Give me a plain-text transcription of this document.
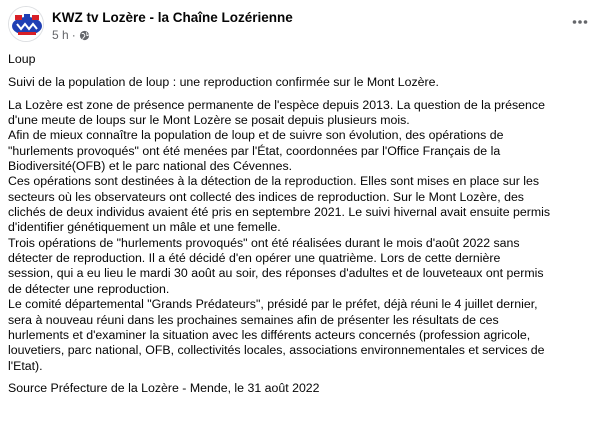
KWZ tv Lozère - la Chaîne Lozérienne
5 h ·

Loup

Suivi de la population de loup : une reproduction confirmée sur le Mont Lozère.

La Lozère est zone de présence permanente de l'espèce depuis 2013. La question de la présence

d'une meute de loups sur le Mont Lozère se posait depuis plusieurs mois.

Afin de mieux connaître la population de loup et de suivre son évolution, des opérations de

"hurlements provoqués" ont été menées par l'État, coordonnées par l'Office Français de la

Biodiversité(OFB) et le parc national des Cévennes.

Ces opérations sont destinées à la détection de la reproduction. Elles sont mises en place sur les

secteurs où les observateurs ont collecté des indices de reproduction. Sur le Mont Lozère, des

clichés de deux individus avaient été pris en septembre 2021. Le suivi hivernal avait ensuite permis

d'identifier génétiquement un mâle et une femelle.

Trois opérations de "hurlements provoqués" ont été réalisées durant le mois d'août 2022 sans

détecter de reproduction. Il a été décidé d'en opérer une quatrième. Lors de cette dernière

session, qui a eu lieu le mardi 30 août au soir, des réponses d'adultes et de louveteaux ont permis

de détecter une reproduction.

Le comité départemental "Grands Prédateurs", présidé par le préfet, déjà réuni le 4 juillet dernier,

sera à nouveau réuni dans les prochaines semaines afin de présenter les résultats de ces

hurlements et d'examiner la situation avec les différents acteurs concernés (profession agricole,

louvetiers, parc national, OFB, collectivités locales, associations environnementales et services de

l'Etat).

Source Préfecture de la Lozère - Mende, le 31 août 2022
